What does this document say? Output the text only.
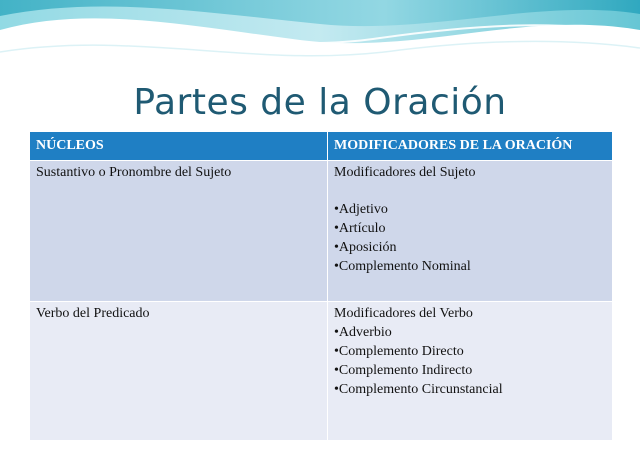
Partes de la Oración
NÚCLEOS	MODIFICADORES DE LA ORACIÓN

Sustantivo o Pronombre del Sujeto	Modificadores del Sujeto
•Adjetivo
•Artículo
•Aposición
•Complemento Nominal

Verbo del Predicado	Modificadores del Verbo
•Adverbio
•Complemento Directo
•Complemento Indirecto
•Complemento Circunstancial
